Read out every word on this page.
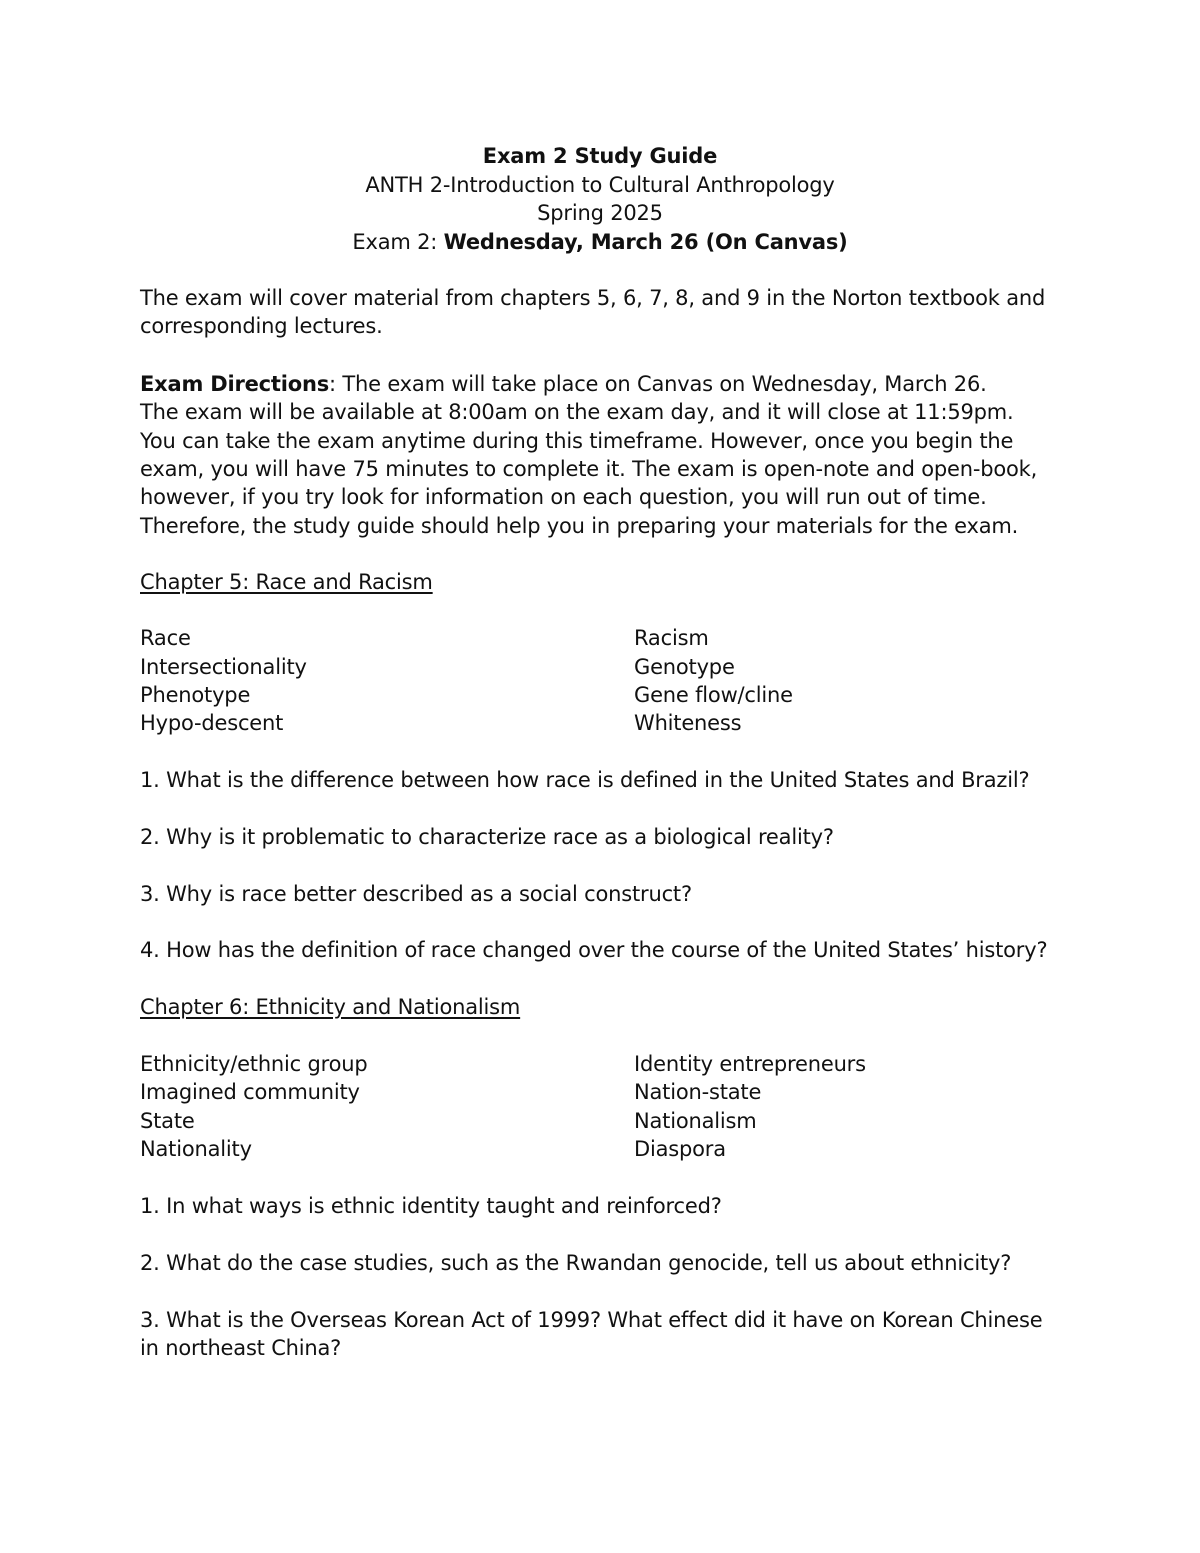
Exam 2 Study Guide
ANTH 2-Introduction to Cultural Anthropology
Spring 2025
Exam 2: Wednesday, March 26 (On Canvas)
The exam will cover material from chapters 5, 6, 7, 8, and 9 in the Norton textbook and
corresponding lectures.
Exam Directions: The exam will take place on Canvas on Wednesday, March 26.
The exam will be available at 8:00am on the exam day, and it will close at 11:59pm.
You can take the exam anytime during this timeframe. However, once you begin the
exam, you will have 75 minutes to complete it. The exam is open-note and open-book,
however, if you try look for information on each question, you will run out of time.
Therefore, the study guide should help you in preparing your materials for the exam.
Chapter 5: Race and Racism
Race	Racism
Intersectionality	Genotype
Phenotype	Gene flow/cline
Hypo-descent	Whiteness
1. What is the difference between how race is defined in the United States and Brazil?
2. Why is it problematic to characterize race as a biological reality?
3. Why is race better described as a social construct?
4. How has the definition of race changed over the course of the United States’ history?
Chapter 6: Ethnicity and Nationalism
Ethnicity/ethnic group	Identity entrepreneurs
Imagined community	Nation-state
State	Nationalism
Nationality	Diaspora
1. In what ways is ethnic identity taught and reinforced?
2. What do the case studies, such as the Rwandan genocide, tell us about ethnicity?
3. What is the Overseas Korean Act of 1999? What effect did it have on Korean Chinese
in northeast China?
